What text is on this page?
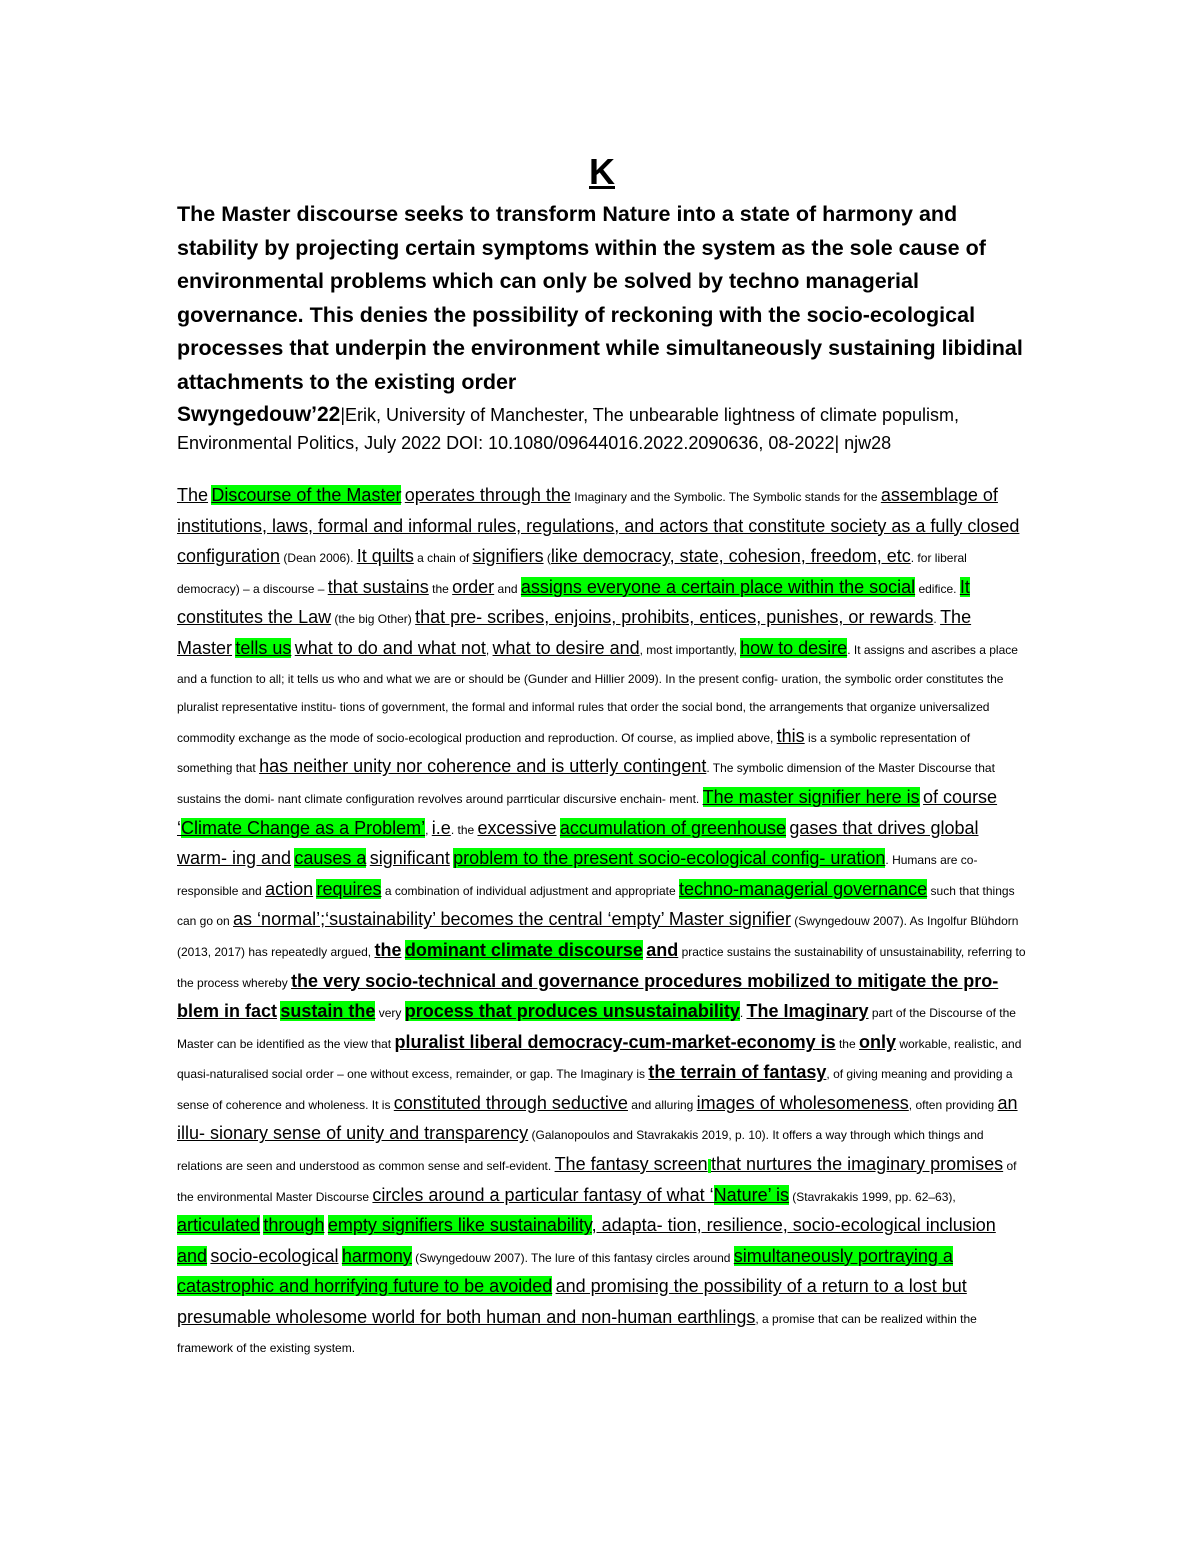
K

The Master discourse seeks to transform Nature into a state of harmony and stability by projecting certain symptoms within the system as the sole cause of environmental problems which can only be solved by techno managerial governance. This denies the possibility of reckoning with the socio-ecological processes that underpin the environment while simultaneously sustaining libidinal attachments to the existing order

Swyngedouw’22|Erik, University of Manchester, The unbearable lightness of climate populism, Environmental Politics, July 2022 DOI: 10.1080/09644016.2022.2090636, 08-2022| njw28

The Discourse of the Master operates through the Imaginary and the Symbolic. The Symbolic stands for the assemblage of institutions, laws, formal and informal rules, regulations, and actors that constitute society as a fully closed configuration (Dean 2006). It quilts a chain of signifiers (like democracy, state, cohesion, freedom, etc. for liberal democracy) – a discourse – that sustains the order and assigns everyone a certain place within the social edifice. It constitutes the Law (the big Other) that pre- scribes, enjoins, prohibits, entices, punishes, or rewards. The Master tells us what to do and what not, what to desire and, most importantly, how to desire. It assigns and ascribes a place and a function to all; it tells us who and what we are or should be (Gunder and Hillier 2009). In the present config- uration, the symbolic order constitutes the pluralist representative institu- tions of government, the formal and informal rules that order the social bond, the arrangements that organize universalized commodity exchange as the mode of socio-ecological production and reproduction. Of course, as implied above, this is a symbolic representation of something that has neither unity nor coherence and is utterly contingent. The symbolic dimension of the Master Discourse that sustains the domi- nant climate configuration revolves around parrticular discursive enchain- ment. The master signifier here is of course ‘Climate Change as a Problem’, i.e. the excessive accumulation of greenhouse gases that drives global warm- ing and causes a significant problem to the present socio-ecological config- uration. Humans are co-responsible and action requires a combination of individual adjustment and appropriate techno-managerial governance such that things can go on as ‘normal’;‘sustainability’ becomes the central ‘empty’ Master signifier (Swyngedouw 2007). As Ingolfur Blühdorn (2013, 2017) has repeatedly argued, the dominant climate discourse and practice sustains the sustainability of unsustainability, referring to the process whereby the very socio-technical and governance procedures mobilized to mitigate the pro- blem in fact sustain the very process that produces unsustainability. The Imaginary part of the Discourse of the Master can be identified as the view that pluralist liberal democracy-cum-market-economy is the only workable, realistic, and quasi-naturalised social order – one without excess, remainder, or gap. The Imaginary is the terrain of fantasy, of giving meaning and providing a sense of coherence and wholeness. It is constituted through seductive and alluring images of wholesomeness, often providing an illu- sionary sense of unity and transparency (Galanopoulos and Stavrakakis 2019, p. 10). It offers a way through which things and relations are seen and understood as common sense and self-evident. The fantasy screen that nurtures the imaginary promises of the environmental Master Discourse circles around a particular fantasy of what ‘Nature’ is (Stavrakakis 1999, pp. 62–63), articulated through empty signifiers like sustainability, adapta- tion, resilience, socio-ecological inclusion and socio-ecological harmony (Swyngedouw 2007). The lure of this fantasy circles around simultaneously portraying a catastrophic and horrifying future to be avoided and promising the possibility of a return to a lost but presumable wholesome world for both human and non-human earthlings, a promise that can be realized within the framework of the existing system.
